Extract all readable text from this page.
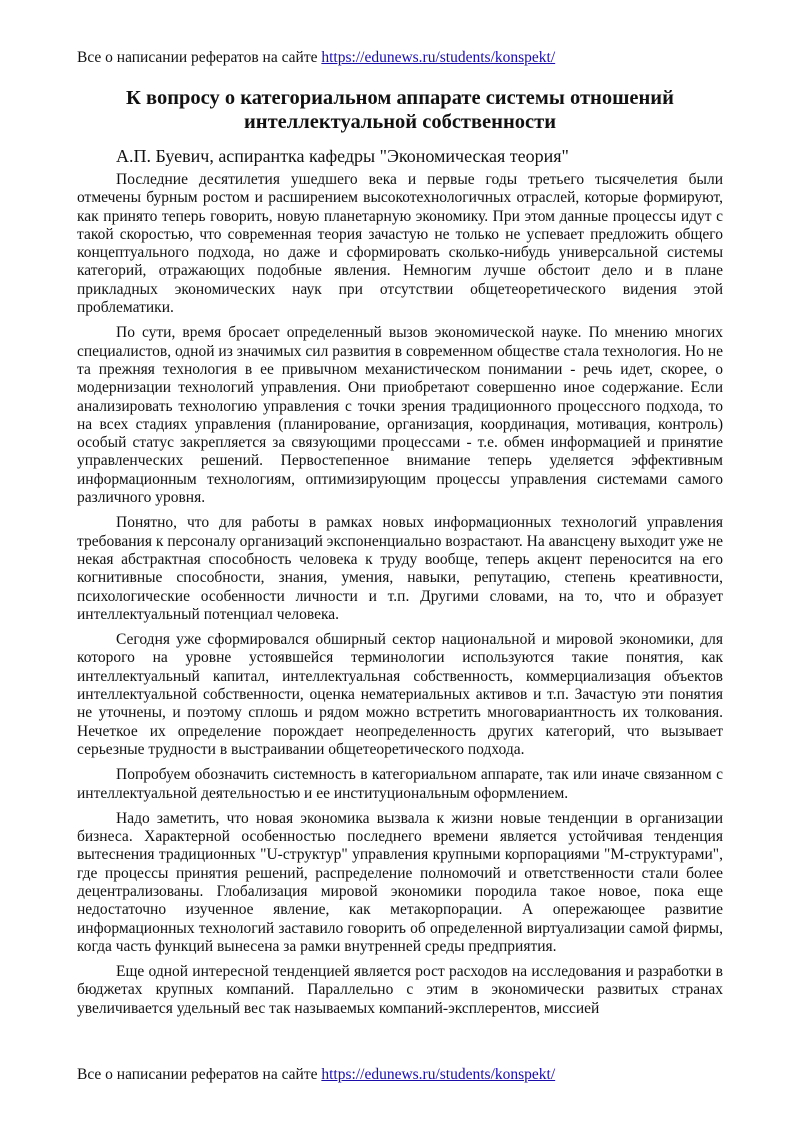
Все о написании рефератов на сайте https://edunews.ru/students/konspekt/
К вопросу о категориальном аппарате системы отношений интеллектуальной собственности
А.П. Буевич, аспирантка кафедры "Экономическая теория"

Последние десятилетия ушедшего века и первые годы третьего тысячелетия были отмечены бурным ростом и расширением высокотехнологичных отраслей, которые формируют, как принято теперь говорить, новую планетарную экономику. При этом данные процессы идут с такой скоростью, что современная теория зачастую не только не успевает предложить общего концептуального подхода, но даже и сформировать сколько-нибудь универсальной системы категорий, отражающих подобные явления. Немногим лучше обстоит дело и в плане прикладных экономических наук при отсутствии общетеоретического видения этой проблематики.

По сути, время бросает определенный вызов экономической науке. По мнению многих специалистов, одной из значимых сил развития в современном обществе стала технология. Но не та прежняя технология в ее привычном механистическом понимании - речь идет, скорее, о модернизации технологий управления. Они приобретают совершенно иное содержание. Если анализировать технологию управления с точки зрения традиционного процессного подхода, то на всех стадиях управления (планирование, организация, координация, мотивация, контроль) особый статус закрепляется за связующими процессами - т.е. обмен информацией и принятие управленческих решений. Первостепенное внимание теперь уделяется эффективным информационным технологиям, оптимизирующим процессы управления системами самого различного уровня.

Понятно, что для работы в рамках новых информационных технологий управления требования к персоналу организаций экспоненциально возрастают. На авансцену выходит уже не некая абстрактная способность человека к труду вообще, теперь акцент переносится на его когнитивные способности, знания, умения, навыки, репутацию, степень креативности, психологические особенности личности и т.п. Другими словами, на то, что и образует интеллектуальный потенциал человека.

Сегодня уже сформировался обширный сектор национальной и мировой экономики, для которого на уровне устоявшейся терминологии используются такие понятия, как интеллектуальный капитал, интеллектуальная собственность, коммерциализация объектов интеллектуальной собственности, оценка нематериальных активов и т.п. Зачастую эти понятия не уточнены, и поэтому сплошь и рядом можно встретить многовариантность их толкования. Нечеткое их определение порождает неопределенность других категорий, что вызывает серьезные трудности в выстраивании общетеоретического подхода.

Попробуем обозначить системность в категориальном аппарате, так или иначе связанном с интеллектуальной деятельностью и ее институциональным оформлением.

Надо заметить, что новая экономика вызвала к жизни новые тенденции в организации бизнеса. Характерной особенностью последнего времени является устойчивая тенденция вытеснения традиционных "U-структур" управления крупными корпорациями "M-структурами", где процессы принятия решений, распределение полномочий и ответственности стали более децентрализованы. Глобализация мировой экономики породила такое новое, пока еще недостаточно изученное явление, как метакорпорации. А опережающее развитие информационных технологий заставило говорить об определенной виртуализации самой фирмы, когда часть функций вынесена за рамки внутренней среды предприятия.

Еще одной интересной тенденцией является рост расходов на исследования и разработки в бюджетах крупных компаний. Параллельно с этим в экономически развитых странах увеличивается удельный вес так называемых компаний-эксплерентов, миссией

Все о написании рефератов на сайте https://edunews.ru/students/konspekt/
